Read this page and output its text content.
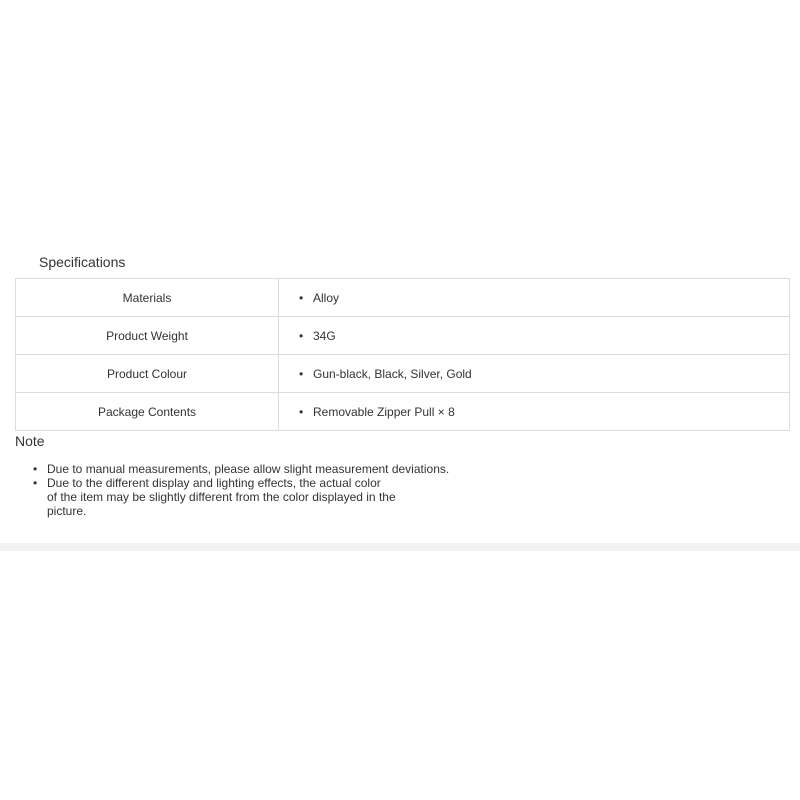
Specifications
Materials	• Alloy
Product Weight	• 34G
Product Colour	• Gun-black, Black, Silver, Gold
Package Contents	• Removable Zipper Pull × 8
Note
• Due to manual measurements, please allow slight measurement deviations.
• Due to the different display and lighting effects, the actual color
of the item may be slightly different from the color displayed in the
picture.
